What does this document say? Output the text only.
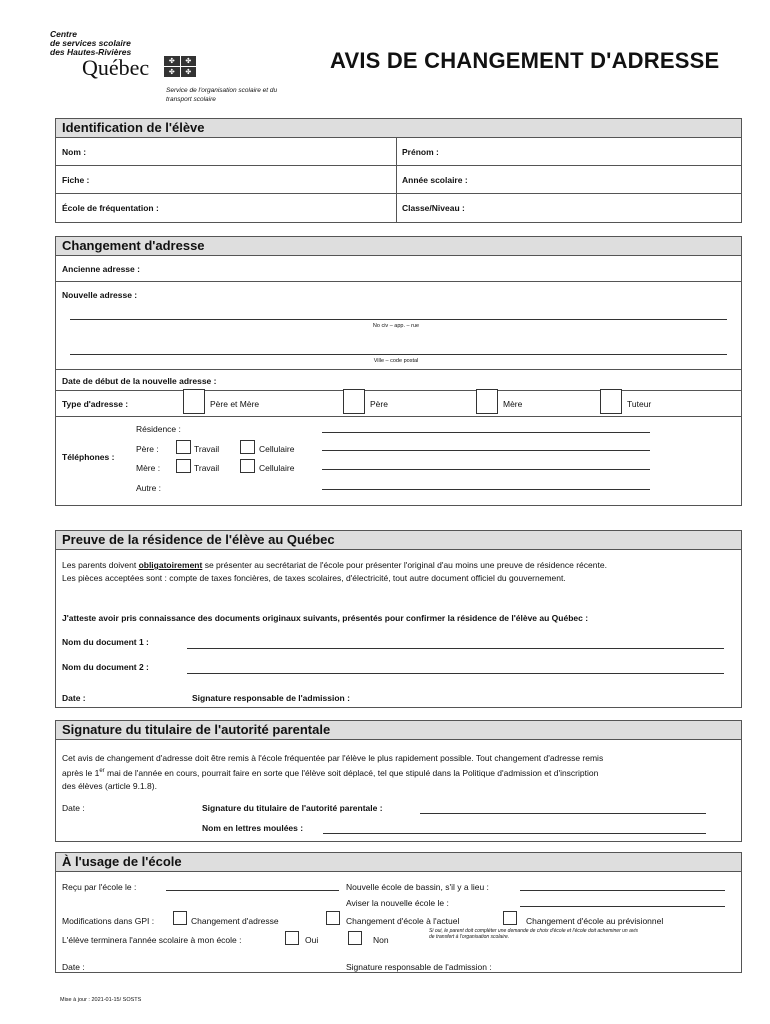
Centre
de services scolaire
des Hautes-Rivières
Québec	✤	✤
✤	✤
Service de l'organisation scolaire et du
transport scolaire
AVIS DE CHANGEMENT D'ADRESSE
Identification de l'élève
Nom :	Prénom :
Fiche :	Année scolaire :
École de fréquentation :	Classe/Niveau :
Changement d'adresse
Ancienne adresse :
Nouvelle adresse :
No civ – app. – rue
Ville – code postal
Date de début de la nouvelle adresse :
Type d'adresse :	Père et Mère	Père	Mère	Tuteur
Téléphones :
Résidence :
Père :	Travail	Cellulaire
Mère :	Travail	Cellulaire
Autre :
Preuve de la résidence de l'élève au Québec
Les parents doivent obligatoirement se présenter au secrétariat de l'école pour présenter l'original d'au moins une preuve de résidence récente.
Les pièces acceptées sont : compte de taxes foncières, de taxes scolaires, d'électricité, tout autre document officiel du gouvernement.
J'atteste avoir pris connaissance des documents originaux suivants, présentés pour confirmer la résidence de l'élève au Québec :
Nom du document 1 :
Nom du document 2 :
Date :	Signature responsable de l'admission :
Signature du titulaire de l'autorité parentale
Cet avis de changement d'adresse doit être remis à l'école fréquentée par l'élève le plus rapidement possible. Tout changement d'adresse remis
après le 1er mai de l'année en cours, pourrait faire en sorte que l'élève soit déplacé, tel que stipulé dans la Politique d'admission et d'inscription
des élèves (article 9.1.8).
Date :	Signature du titulaire de l'autorité parentale :
Nom en lettres moulées :
À l'usage de l'école
Reçu par l'école le :	Nouvelle école de bassin, s'il y a lieu :
Aviser la nouvelle école le :
Modifications dans GPI :	Changement d'adresse	Changement d'école à l'actuel	Changement d'école au prévisionnel
L'élève terminera l'année scolaire à mon école :	Oui	Non
Si oui, le parent doit compléter une demande de choix d'école et l'école doit acheminer un avis
de transfert à l'organisation scolaire.
Date :	Signature responsable de l'admission :
Mise à jour : 2021-01-15/ SOSTS
